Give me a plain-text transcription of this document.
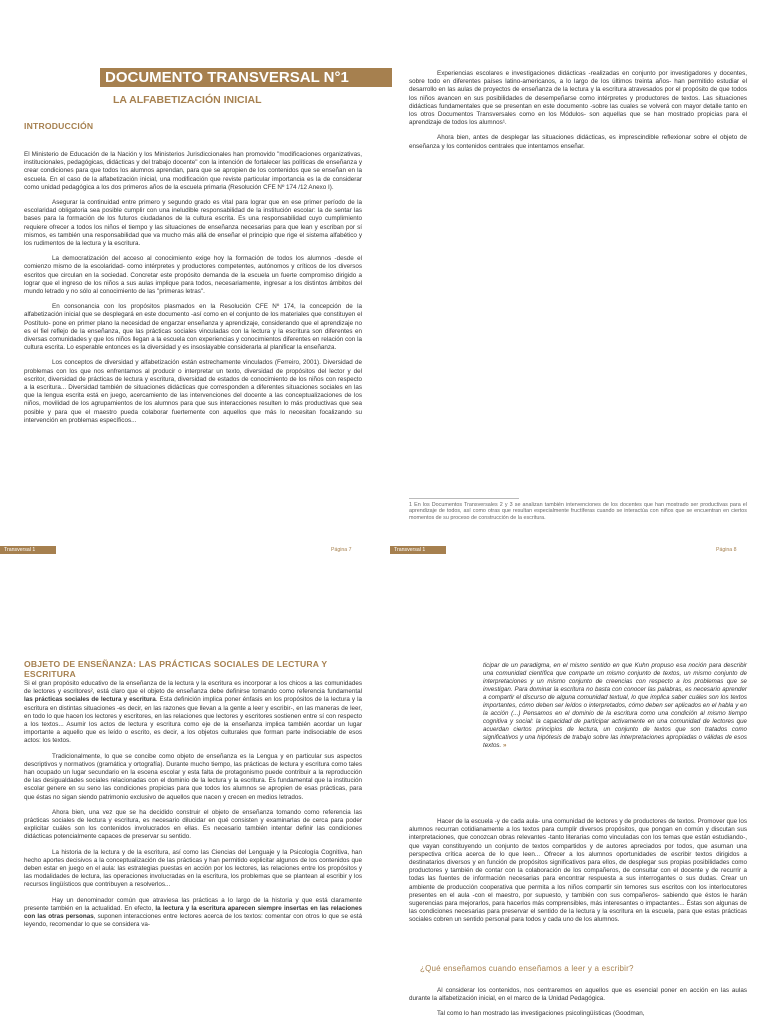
DOCUMENTO TRANSVERSAL N°1
LA ALFABETIZACIÓN INICIAL
INTRODUCCIÓN

El Ministerio de Educación de la Nación y los Ministerios Jurisdiccionales han promovido "modificaciones organizativas, institucionales, pedagógicas, didácticas y del trabajo docente" con la intención de fortalecer las políticas de enseñanza y crear condiciones para que todos los alumnos aprendan, para que se apropien de los contenidos que se enseñan en la escuela. En el caso de la alfabetización inicial, una modificación que reviste particular importancia es la de considerar como unidad pedagógica a los dos primeros años de la escuela primaria (Resolución CFE Nº 174 /12 Anexo I).

Asegurar la continuidad entre primero y segundo grado es vital para lograr que en ese primer período de la escolaridad obligatoria sea posible cumplir con una ineludible responsabilidad de la institución escolar: la de sentar las bases para la formación de los futuros ciudadanos de la cultura escrita. Es una responsabilidad cuyo cumplimiento requiere ofrecer a todos los niños el tiempo y las situaciones de enseñanza necesarias para que lean y escriban por sí mismos, es también una responsabilidad que va mucho más allá de enseñar el principio que rige el sistema alfabético y los rudimentos de la lectura y la escritura.

La democratización del acceso al conocimiento exige hoy la formación de todos los alumnos -desde el comienzo mismo de la escolaridad- como intérpretes y productores competentes, autónomos y críticos de los diversos escritos que circulan en la sociedad. Concretar este propósito demanda de la escuela un fuerte compromiso dirigido a lograr que el ingreso de los niños a sus aulas implique para todos, necesariamente, ingresar a los distintos ámbitos del mundo letrado y no sólo al conocimiento de las "primeras letras".

En consonancia con los propósitos plasmados en la Resolución CFE Nº 174, la concepción de la alfabetización inicial que se desplegará en este documento -así como en el conjunto de los materiales que constituyen el Postítulo- pone en primer plano la necesidad de engarzar enseñanza y aprendizaje, considerando que el aprendizaje no es el fiel reflejo de la enseñanza, que las prácticas sociales vinculadas con la lectura y la escritura son diferentes en diversas comunidades y que los niños llegan a la escuela con experiencias y conocimientos diferentes en relación con la cultura escrita. Lo esperable entonces es la diversidad y es insoslayable considerarla al planificar la enseñanza.

Los conceptos de diversidad y alfabetización están estrechamente vinculados (Ferreiro, 2001). Diversidad de problemas con los que nos enfrentamos al producir o interpretar un texto, diversidad de propósitos del lector y del escritor, diversidad de prácticas de lectura y escritura, diversidad de estados de conocimiento de los niños con respecto a la escritura... Diversidad también de situaciones didácticas que corresponden a diferentes situaciones sociales en las que la lengua escrita está en juego, acercamiento de las intervenciones del docente a las conceptualizaciones de los niños, movilidad de los agrupamientos de los alumnos para que sus interacciones resulten lo más productivas que sea posible y para que el maestro pueda colaborar fuertemente con aquellos que más lo necesitan focalizando su intervención en problemas específicos...

Experiencias escolares e investigaciones didácticas -realizadas en conjunto por investigadores y docentes, sobre todo en diferentes países latino-americanos, a lo largo de los últimos treinta años- han permitido estudiar el desarrollo en las aulas de proyectos de enseñanza de la lectura y la escritura atravesados por el propósito de que todos los niños avancen en sus posibilidades de desempeñarse como intérpretes y productores de textos. Las situaciones didácticas fundamentales que se presentan en este documento -sobre las cuales se volverá con mayor detalle tanto en los otros Documentos Transversales como en los Módulos- son aquellas que se han mostrado propicias para el aprendizaje de todos los alumnos¹.

Ahora bien, antes de desplegar las situaciones didácticas, es imprescindible reflexionar sobre el objeto de enseñanza y los contenidos centrales que intentamos enseñar.

1 En los Documentos Transversales 2 y 3 se analizan también intervenciones de los docentes que han mostrado ser productivas para el aprendizaje de todos, así como otras que resultan especialmente fructíferas cuando se interactúa con niños que se encuentran en ciertos momentos de su proceso de construcción de la escritura.
Transversal 1	Página 7	Transversal 1	Página 8
OBJETO DE ENSEÑANZA: LAS PRÁCTICAS SOCIALES DE LECTURA Y ESCRITURA

Si el gran propósito educativo de la enseñanza de la lectura y la escritura es incorporar a los chicos a las comunidades de lectores y escritores², está claro que el objeto de enseñanza debe definirse tomando como referencia fundamental las prácticas sociales de lectura y escritura. Esta definición implica poner énfasis en los propósitos de la lectura y la escritura en distintas situaciones -es decir, en las razones que llevan a la gente a leer y escribir-, en las maneras de leer, en todo lo que hacen los lectores y escritores, en las relaciones que lectores y escritores sostienen entre sí con respecto a los textos... Asumir los actos de lectura y escritura como eje de la enseñanza implica también acordar un lugar importante a aquello que es leído o escrito, es decir, a los objetos culturales que forman parte indisociable de esos actos: los textos.

Tradicionalmente, lo que se concibe como objeto de enseñanza es la Lengua y en particular sus aspectos descriptivos y normativos (gramática y ortografía). Durante mucho tiempo, las prácticas de lectura y escritura como tales han ocupado un lugar secundario en la escena escolar y esta falta de protagonismo puede contribuir a la reproducción de las desigualdades sociales relacionadas con el dominio de la lectura y la escritura. Es fundamental que la institución escolar genere en su seno las condiciones propicias para que todos los alumnos se apropien de esas prácticas, para que éstas no sigan siendo patrimonio exclusivo de aquellos que nacen y crecen en medios letrados.

Ahora bien, una vez que se ha decidido construir el objeto de enseñanza tomando como referencia las prácticas sociales de lectura y escritura, es necesario dilucidar en qué consisten y examinarlas de cerca para poder explicitar cuáles son los contenidos involucrados en ellas. Es necesario también intentar definir las condiciones didácticas potencialmente capaces de preservar su sentido.

La historia de la lectura y de la escritura, así como las Ciencias del Lenguaje y la Psicología Cognitiva, han hecho aportes decisivos a la conceptualización de las prácticas y han permitido explicitar algunos de los contenidos que deben estar en juego en el aula: las estrategias puestas en acción por los lectores, las relaciones entre los propósitos y las modalidades de lectura, las operaciones involucradas en la escritura, los problemas que se plantean al escribir y los recursos lingüísticos que contribuyen a resolverlos...

Hay un denominador común que atraviesa las prácticas a lo largo de la historia y que está claramente presente también en la actualidad. En efecto, la lectura y la escritura aparecen siempre insertas en las relaciones con las otras personas, suponen interacciones entre lectores acerca de los textos: comentar con otros lo que se está leyendo, recomendar lo que se considera va-

ticipar de un paradigma, en el mismo sentido en que Kuhn propuso esa noción para describir una comunidad científica que comparte un mismo conjunto de textos, un mismo conjunto de interpretaciones y un mismo conjunto de creencias con respecto a los problemas que se investigan. Para dominar la escritura no basta con conocer las palabras, es necesario aprender a compartir el discurso de alguna comunidad textual, lo que implica saber cuáles son los textos importantes, cómo deben ser leídos o interpretados, cómo deben ser aplicados en el habla y en la acción (...) Pensamos en el dominio de la escritura como una condición al mismo tiempo cognitiva y social: la capacidad de participar activamente en una comunidad de lectores que acuerdan ciertos principios de lectura, un conjunto de textos que son tratados como significativos y una hipótesis de trabajo sobre las interpretaciones apropiadas o válidas de esos textos. »

Hacer de la escuela -y de cada aula- una comunidad de lectores y de productores de textos. Promover que los alumnos recurran cotidianamente a los textos para cumplir diversos propósitos, que pongan en común y discutan sus interpretaciones, que conozcan obras relevantes -tanto literarias como vinculadas con los temas que están estudiando-, que vayan constituyendo un conjunto de textos compartidos y de autores apreciados por todos, que asuman una perspectiva crítica acerca de lo que leen... Ofrecer a los alumnos oportunidades de escribir textos dirigidos a destinatarios diversos y en función de propósitos significativos para ellos, de desplegar sus propias posibilidades como productores y también de contar con la colaboración de los compañeros, de consultar con el docente y de recurrir a todas las fuentes de información necesarias para encontrar respuesta a sus interrogantes o sus dudas. Crear un ambiente de producción cooperativa que permita a los niños compartir sin temores sus escritos con los interlocutores presentes en el aula -con el maestro, por supuesto, y también con sus compañeros- sabiendo que éstos le harán sugerencias para mejorarlos, para hacerlos más comprensibles, más interesantes o impactantes... Éstas son algunas de las condiciones necesarias para preservar el sentido de la lectura y la escritura en la escuela, para que estas prácticas sociales cobren un sentido personal para todos y cada uno de los alumnos.

¿Qué enseñamos cuando enseñamos a leer y a escribir?

Al considerar los contenidos, nos centraremos en aquellos que es esencial poner en acción en las aulas durante la alfabetización inicial, en el marco de la Unidad Pedagógica.

Tal como lo han mostrado las investigaciones psicolingüísticas (Goodman,
